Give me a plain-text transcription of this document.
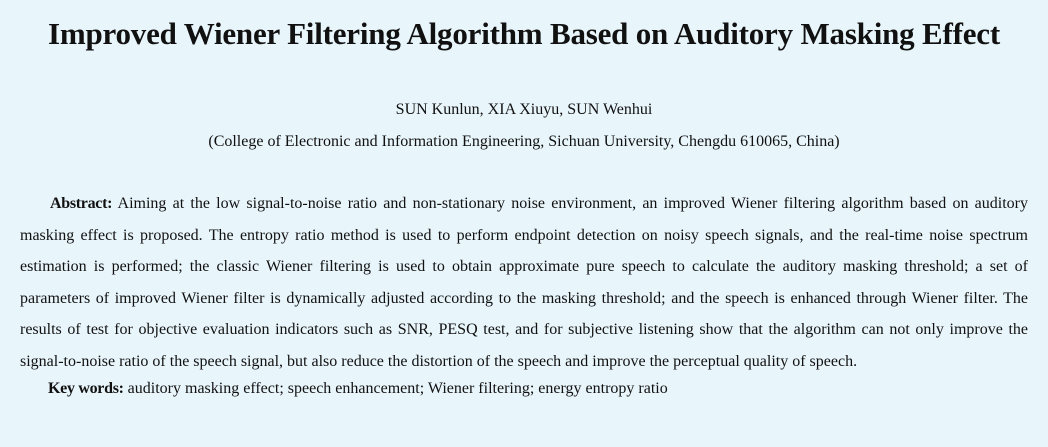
Improved Wiener Filtering Algorithm Based on Auditory Masking Effect
SUN Kunlun, XIA Xiuyu, SUN Wenhui
(College of Electronic and Information Engineering, Sichuan University, Chengdu 610065, China)
Abstract: Aiming at the low signal-to-noise ratio and non-stationary noise environment, an improved Wiener filtering algorithm based on auditory masking effect is proposed. The entropy ratio method is used to perform endpoint detection on noisy speech signals, and the real-time noise spectrum estimation is performed; the classic Wiener filtering is used to obtain approximate pure speech to calculate the auditory masking threshold; a set of parameters of improved Wiener filter is dynamically adjusted according to the masking threshold; and the speech is enhanced through Wiener filter. The results of test for objective evaluation indicators such as SNR, PESQ test, and for subjective listening show that the algorithm can not only improve the signal-to-noise ratio of the speech signal, but also reduce the distortion of the speech and improve the perceptual quality of speech.
Key words: auditory masking effect; speech enhancement; Wiener filtering; energy entropy ratio
